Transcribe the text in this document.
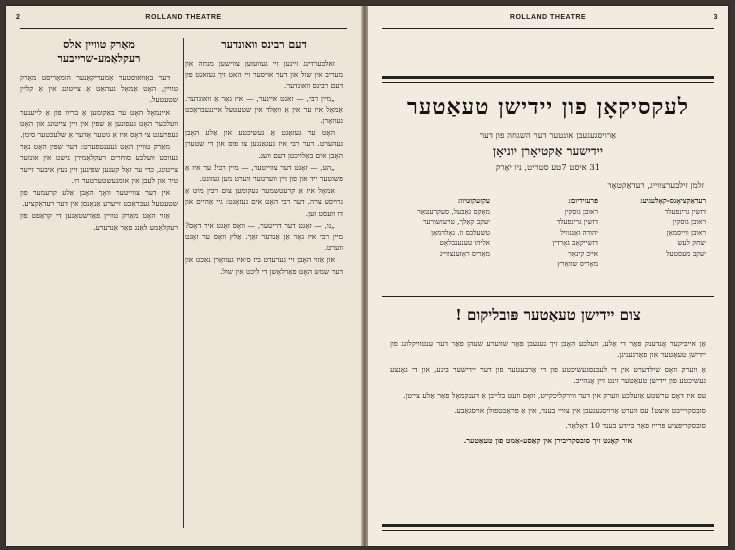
2	ROLLAND THEATRE
דעם רבינס וואונדער

זאלבערדינג זיינען זיי געוועזען צווישען מנחה און מעריב אין שול און דער אויסער זיי האט זיך געזאגט פון דעם רבינס וואונדער.

„מיין רבי, — זאגט איינער, — איז גאָר אַ וואונדער. אַמאָל איז ער אין אַ וואַלד אין שטעטעל איינגעבראַכט געוואָרן.

האָט ער געזאָגט אַ געשיכטע און אַלע האָבן געהערט. דער רבי איז געגאַנגען צו פוס און די שטערן האָבן אים באַלויכטן דעם וועג.

„הע, — זאָגט דער צווייטער, — מיין רבי! ער איז אַ פּשוטער ייד און פון זיין ווערטער ווערט מען געזונט.

אַמאָל איז אַ קרעטשמער געקומען צום רבין מיט אַ גרויסע צרה. דער רבי האָט אים געזאָגט: גיי אַהיים און דו וועסט זען.

„נו, — זאָגט דער דריטער, — וואָס זאָגט איר דאָס? מיין רבי איז גאָר אַן אַנדער זאַך. אַלץ וואָס ער זאָגט ווערט.

און אַזוי האָבן זיי גערעדט ביז ס׳איז געוואָרן נאַכט און דער שמש האָט פאַרלאָשן די ליכט אין שול.

מאַרק טוויין אלס רעקלאַמע-שרייבער

דער באַוואוסטער אַמעריקאַנער הומאָריסט מאַרק טוויין, האָט אַמאָל געהאַט אַ צייטונג אין אַ קליין שטעטעל.

איינמאָל האָט ער באַקומען אַ בריוו פון אַ לייענער וועלכער האָט געפונען אַ שפּין אין זיין צייטונג און האָט געפרעגט צי דאָס איז אַ גוטער אָדער אַ שלעכטער סימן.

מאַרק טוויין האָט געענטפערט: דער שפּין האָט נאָר געזוכט וועלכע סוחרים רעקלאַמירן נישט אין אונזער צייטונג, כדי ער זאָל קענען שפּינען זיין נעץ איבער זייער טיר און לעבן אין אומגעשטערטער רו.

אין דער צווייטער וואָך האָבן אַלע קרעמער פון שטעטעל געבראַכט זייערע אַנאָנסן אין דער רעדאַקציע.

אַזוי האָט מאַרק טוויין פאַרשטאַנען די קראַפט פון רעקלאַמע לאַנג פאַר אַנדערע.

ROLLAND THEATRE	3
לעקסיקאָן פון יידישן טעאַטער
אַרויסגעגעבן אונטער דער השגחה פון דער
יידישער אַקטיאָרן יוניאָן
31 איסט 7טע סטריט, ניו יאָרק
זלמן זילבערצווייג, רעדאַקטאָר
רעדאַקציאָנס-קאָלעגיע:
דזשין גרינפעלד
ראובן גוסקין
ראובן ווייסמאַן
יצחק לעש
יעקב מעסטעל
פּרעזידיום:
ראובן גוסקין
דזשין גרינפעלד
יהודה זאַנגוויל
דזשייקאָב גאָרדין
אייב קינאַר
מאָריס שוואַרץ
עקזעקוטיוו:
מאַקס גאַבעל, סעקרעטאַר
יעקב קאַלך, טרעזשורער
טשעלבס וו. גאָלדמאַן
אליהו טענענבלאַט
מאַריס ראָזענצווייג
צום יידישן טעאַטער פּובליקום !

אַן אייביקער אָנדענק פאַר די אַלע, וועלכע האָבן זיך געגעבן פּאַר שווערע שעהן פאַר דער ענטוויקלונג פון יידישן טעאַטער און פאַרגעניגן.

אַ ווערק וואָס שילדערט אין די לעבנסגעשיכטע פון די אַרבעטער פון דער יידישער בינע, און די גאַנצע געשיכטע פון יידישן טעאַטער זינט זיין אָנהייב.

עס איז דאָס ערשטע אַזעלכע ווערק אין דער ווירקליכקייט, וואָס וועט בלייבן אַ דענקמאָל פאַר אַלע צייטן.

סובסקרייבט איצט! עס ווערט אַרויסגעגעבן אין צוויי בענד, אין אַ פּראַכטפולן אויסגאַבע.

סובסקריפּציע פּרייז פאַר ביידע בענד 10 דאָלאַר.

איר קאָנט זיך סובסקריבירן אין קאַסע-אַמט פון טעאַטער.
